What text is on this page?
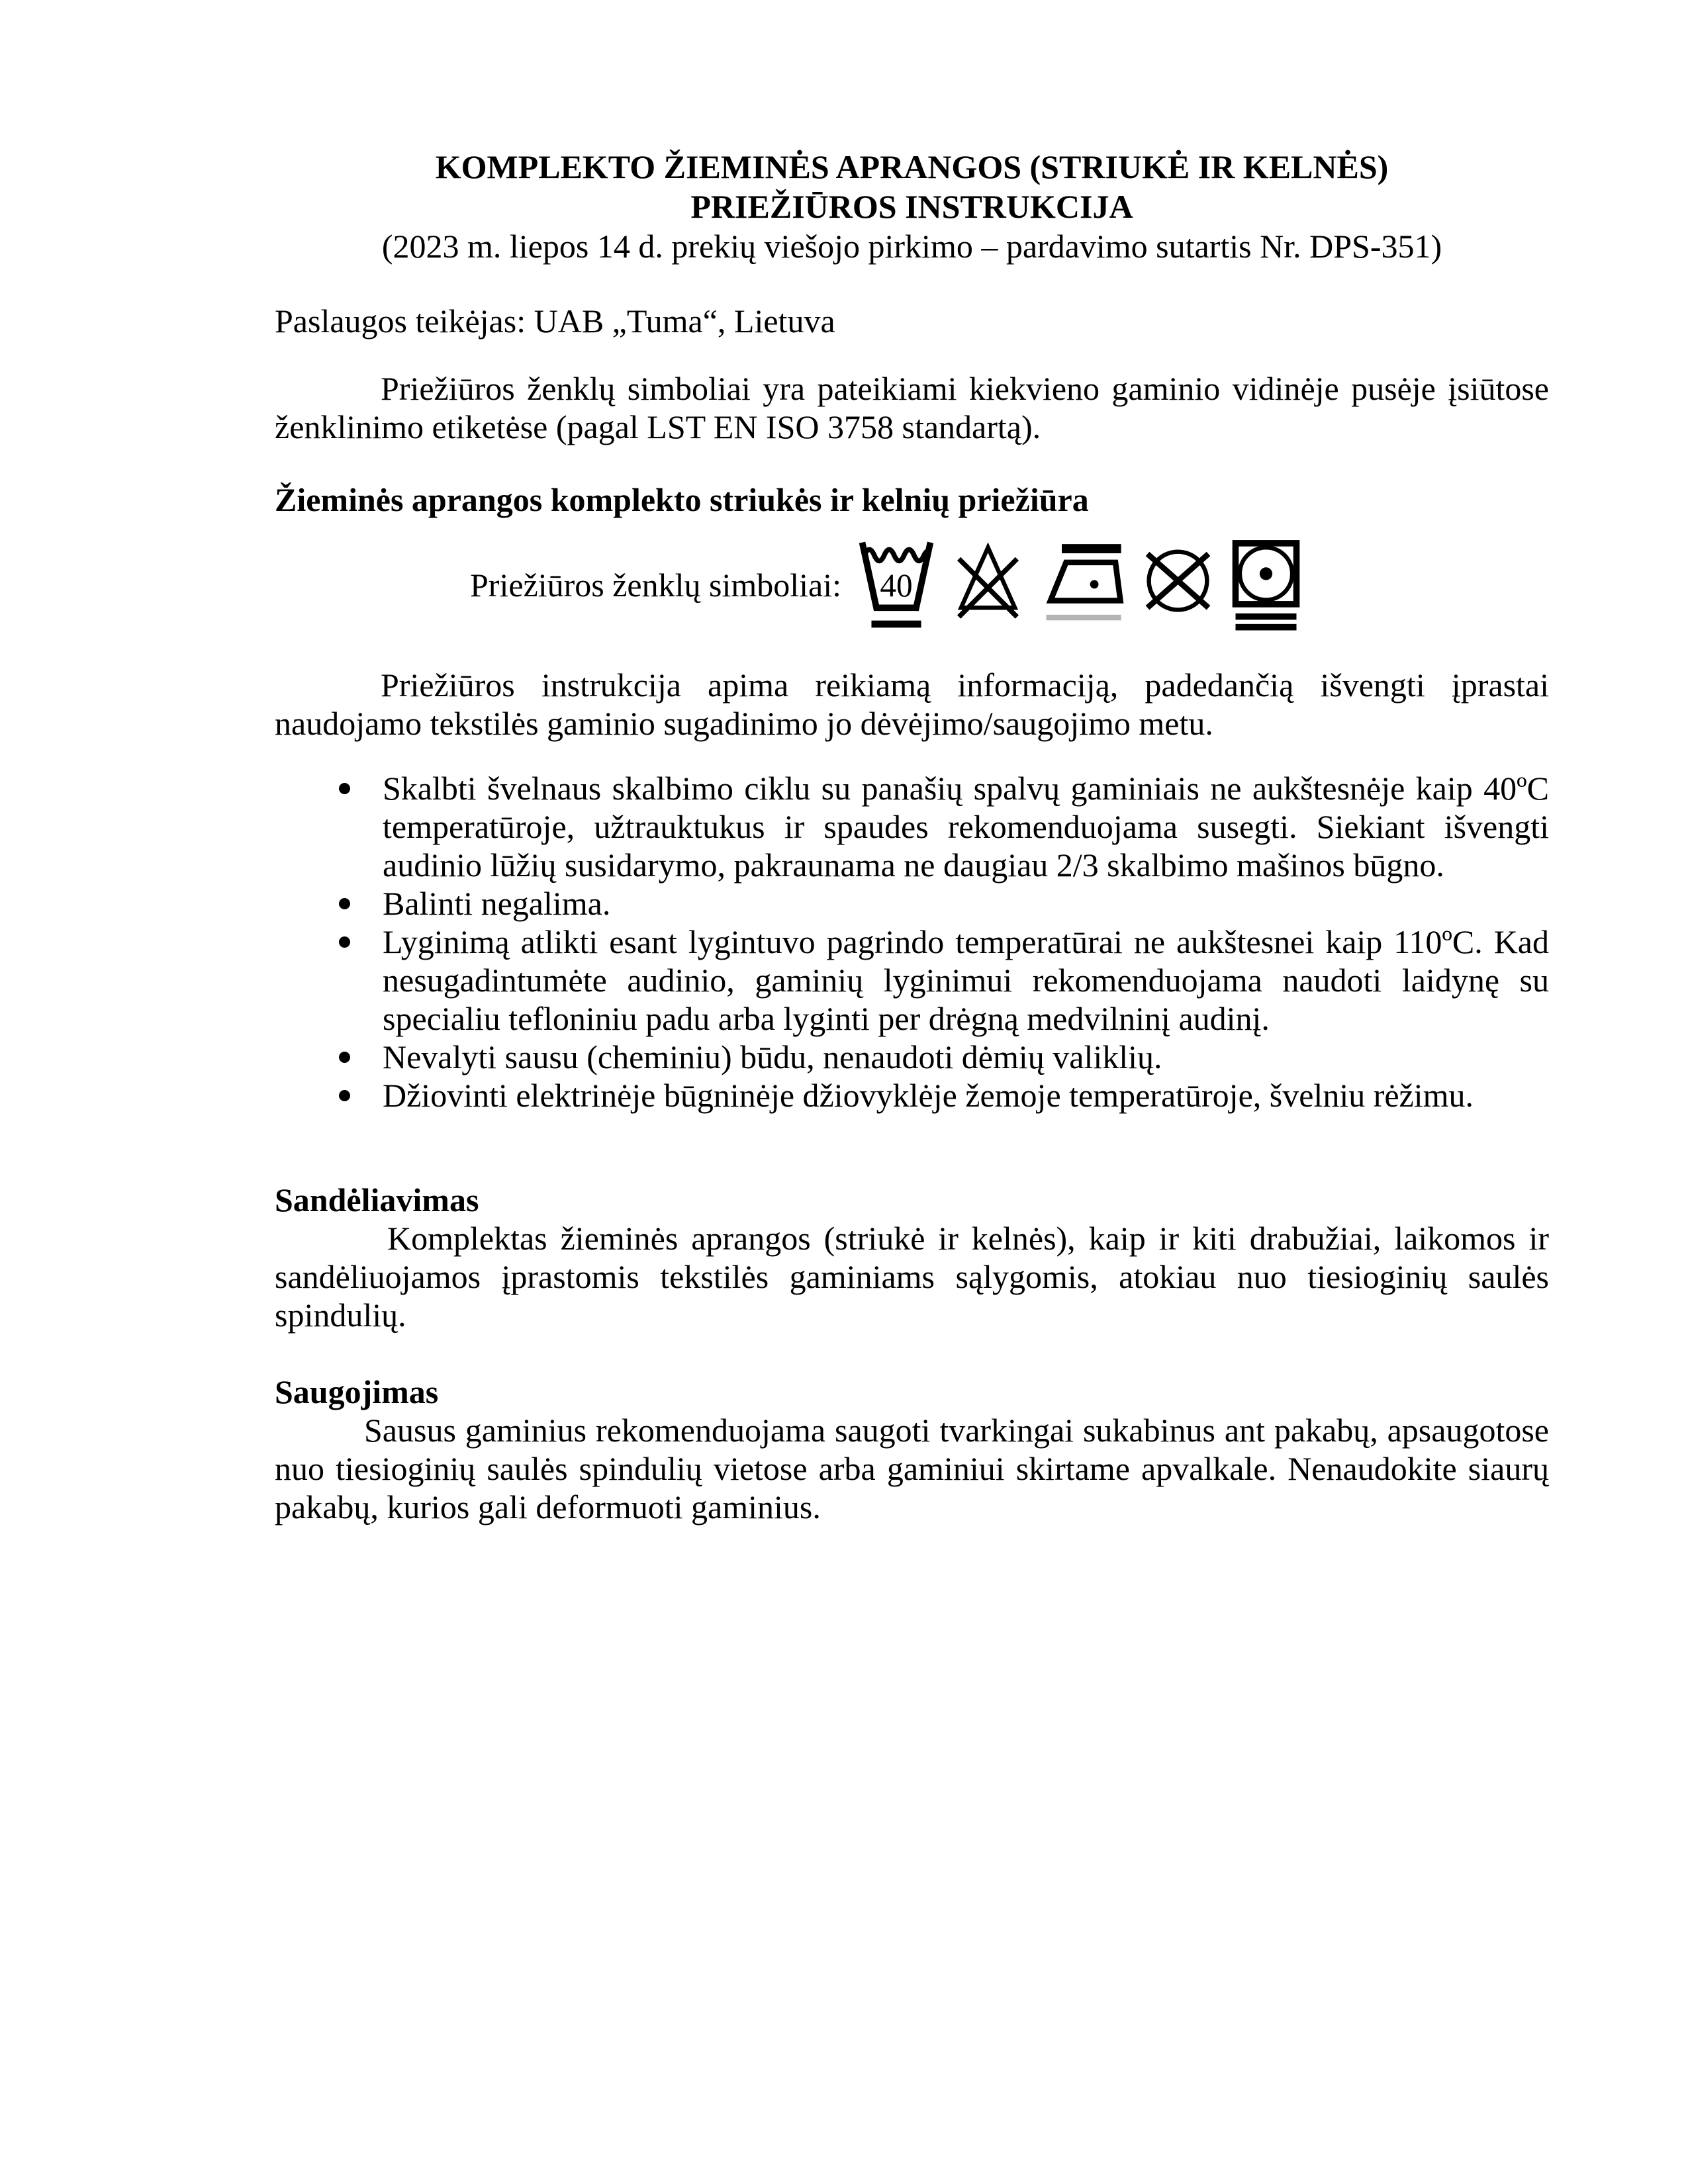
KOMPLEKTO ŽIEMINĖS APRANGOS (STRIUKĖ IR KELNĖS)
PRIEŽIŪROS INSTRUKCIJA
(2023 m. liepos 14 d. prekių viešojo pirkimo – pardavimo sutartis Nr. DPS-351)

Paslaugos teikėjas: UAB „Tuma“, Lietuva

Priežiūros ženklų simboliai yra pateikiami kiekvieno gaminio vidinėje pusėje įsiūtose ženklinimo etiketėse (pagal LST EN ISO 3758 standartą).

Žieminės aprangos komplekto striukės ir kelnių priežiūra
Priežiūros ženklų simboliai: 40

Priežiūros instrukcija apima reikiamą informaciją, padedančią išvengti įprastai naudojamo tekstilės gaminio sugadinimo jo dėvėjimo/saugojimo metu.

Skalbti švelnaus skalbimo ciklu su panašių spalvų gaminiais ne aukštesnėje kaip 40ºC temperatūroje, užtrauktukus ir spaudes rekomenduojama susegti. Siekiant išvengti audinio lūžių susidarymo, pakraunama ne daugiau 2/3 skalbimo mašinos būgno.
Balinti negalima.
Lyginimą atlikti esant lygintuvo pagrindo temperatūrai ne aukštesnei kaip 110ºC. Kad nesugadintumėte audinio, gaminių lyginimui rekomenduojama naudoti laidynę su specialiu tefloniniu padu arba lyginti per drėgną medvilninį audinį.
Nevalyti sausu (cheminiu) būdu, nenaudoti dėmių valiklių.
Džiovinti elektrinėje būgninėje džiovyklėje žemoje temperatūroje, švelniu rėžimu.
Sandėliavimas

Komplektas žieminės aprangos (striukė ir kelnės), kaip ir kiti drabužiai, laikomos ir sandėliuojamos įprastomis tekstilės gaminiams sąlygomis, atokiau nuo tiesioginių saulės spindulių.

Saugojimas

Sausus gaminius rekomenduojama saugoti tvarkingai sukabinus ant pakabų, apsaugotose nuo tiesioginių saulės spindulių vietose arba gaminiui skirtame apvalkale. Nenaudokite siaurų pakabų, kurios gali deformuoti gaminius.
